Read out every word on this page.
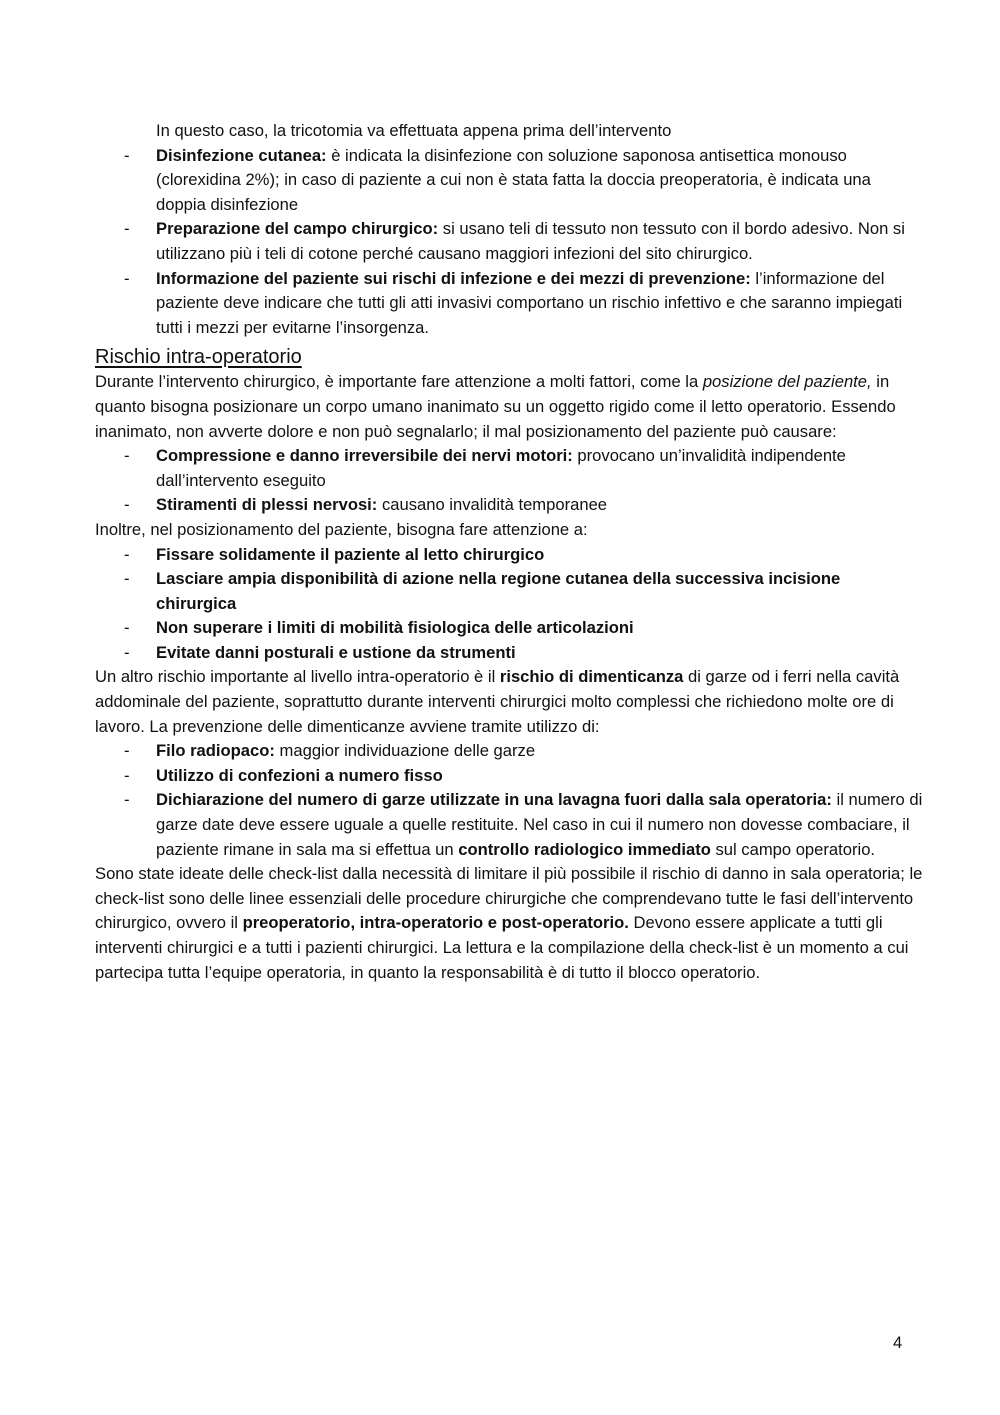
In questo caso, la tricotomia va effettuata appena prima dell’intervento

- Disinfezione cutanea: è indicata la disinfezione con soluzione saponosa antisettica monouso (clorexidina 2%); in caso di paziente a cui non è stata fatta la doccia preoperatoria, è indicata una doppia disinfezione
- Preparazione del campo chirurgico: si usano teli di tessuto non tessuto con il bordo adesivo. Non si utilizzano più i teli di cotone perché causano maggiori infezioni del sito chirurgico.
- Informazione del paziente sui rischi di infezione e dei mezzi di prevenzione: l’informazione del paziente deve indicare che tutti gli atti invasivi comportano un rischio infettivo e che saranno impiegati tutti i mezzi per evitarne l’insorgenza.
Rischio intra-operatorio

Durante l’intervento chirurgico, è importante fare attenzione a molti fattori, come la posizione del paziente, in quanto bisogna posizionare un corpo umano inanimato su un oggetto rigido come il letto operatorio. Essendo inanimato, non avverte dolore e non può segnalarlo; il mal posizionamento del paziente può causare:

- Compressione e danno irreversibile dei nervi motori: provocano un’invalidità indipendente dall’intervento eseguito
- Stiramenti di plessi nervosi: causano invalidità temporanee

Inoltre, nel posizionamento del paziente, bisogna fare attenzione a:

- Fissare solidamente il paziente al letto chirurgico
- Lasciare ampia disponibilità di azione nella regione cutanea della successiva incisione chirurgica
- Non superare i limiti di mobilità fisiologica delle articolazioni
- Evitate danni posturali e ustione da strumenti

Un altro rischio importante al livello intra-operatorio è il rischio di dimenticanza di garze od i ferri nella cavità addominale del paziente, soprattutto durante interventi chirurgici molto complessi che richiedono molte ore di lavoro. La prevenzione delle dimenticanze avviene tramite utilizzo di:

- Filo radiopaco: maggior individuazione delle garze
- Utilizzo di confezioni a numero fisso
- Dichiarazione del numero di garze utilizzate in una lavagna fuori dalla sala operatoria: il numero di garze date deve essere uguale a quelle restituite. Nel caso in cui il numero non dovesse combaciare, il paziente rimane in sala ma si effettua un controllo radiologico immediato sul campo operatorio.

Sono state ideate delle check-list dalla necessità di limitare il più possibile il rischio di danno in sala operatoria; le check-list sono delle linee essenziali delle procedure chirurgiche che comprendevano tutte le fasi dell’intervento chirurgico, ovvero il preoperatorio, intra-operatorio e post-operatorio. Devono essere applicate a tutti gli interventi chirurgici e a tutti i pazienti chirurgici. La lettura e la compilazione della check-list è un momento a cui partecipa tutta l’equipe operatoria, in quanto la responsabilità è di tutto il blocco operatorio.

4
